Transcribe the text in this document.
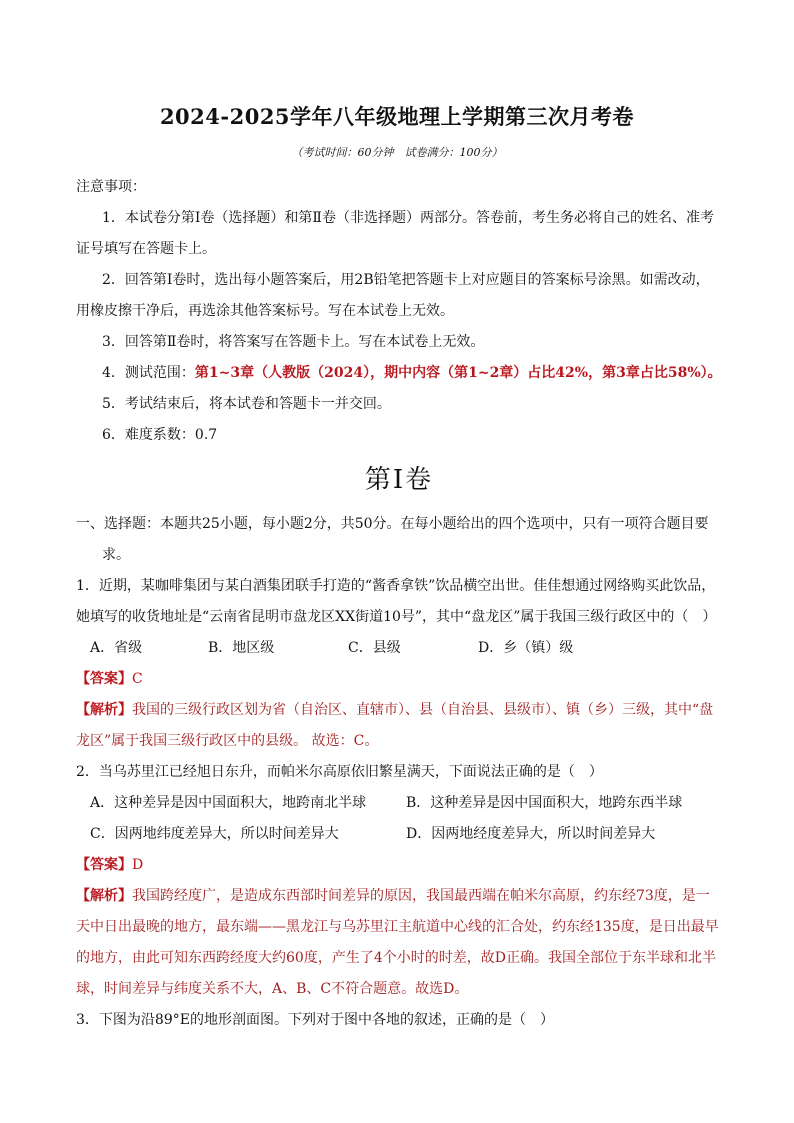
2024-2025学年八年级地理上学期第三次月考卷
（考试时间：60分钟　试卷满分：100分）

注意事项：

1．本试卷分第Ⅰ卷（选择题）和第Ⅱ卷（非选择题）两部分。答卷前，考生务必将自己的姓名、准考证号填写在答题卡上。

2．回答第Ⅰ卷时，选出每小题答案后，用2B铅笔把答题卡上对应题目的答案标号涂黑。如需改动，用橡皮擦干净后，再选涂其他答案标号。写在本试卷上无效。

3．回答第Ⅱ卷时，将答案写在答题卡上。写在本试卷上无效。

4．测试范围：第1~3章（人教版（2024），期中内容（第1~2章）占比42%，第3章占比58%）。

5．考试结束后，将本试卷和答题卡一并交回。

6．难度系数：0.7

第Ⅰ卷

一、选择题：本题共25小题，每小题2分，共50分。在每小题给出的四个选项中，只有一项符合题目要求。

1．近期，某咖啡集团与某白酒集团联手打造的“酱香拿铁”饮品横空出世。佳佳想通过网络购买此饮品，她填写的收货地址是“云南省昆明市盘龙区XX街道10号”，其中“盘龙区”属于我国三级行政区中的（　）

A．省级	B．地区级	C．县级	D．乡（镇）级

【答案】C

【解析】我国的三级行政区划为省（自治区、直辖市）、县（自治县、县级市）、镇（乡）三级，其中“盘龙区”属于我国三级行政区中的县级。 故选：C。

2．当乌苏里江已经旭日东升，而帕米尔高原依旧繁星满天，下面说法正确的是（　）

A．这种差异是因中国面积大，地跨南北半球	B．这种差异是因中国面积大，地跨东西半球
C．因两地纬度差异大，所以时间差异大	D．因两地经度差异大，所以时间差异大

【答案】D

【解析】我国跨经度广，是造成东西部时间差异的原因，我国最西端在帕米尔高原，约东经73度，是一天中日出最晚的地方，最东端——黑龙江与乌苏里江主航道中心线的汇合处，约东经135度，是日出最早的地方，由此可知东西跨经度大约60度，产生了4个小时的时差，故D正确。我国全部位于东半球和北半球，时间差异与纬度关系不大，A、B、C不符合题意。故选D。

3．下图为沿89°E的地形剖面图。下列对于图中各地的叙述，正确的是（　）
